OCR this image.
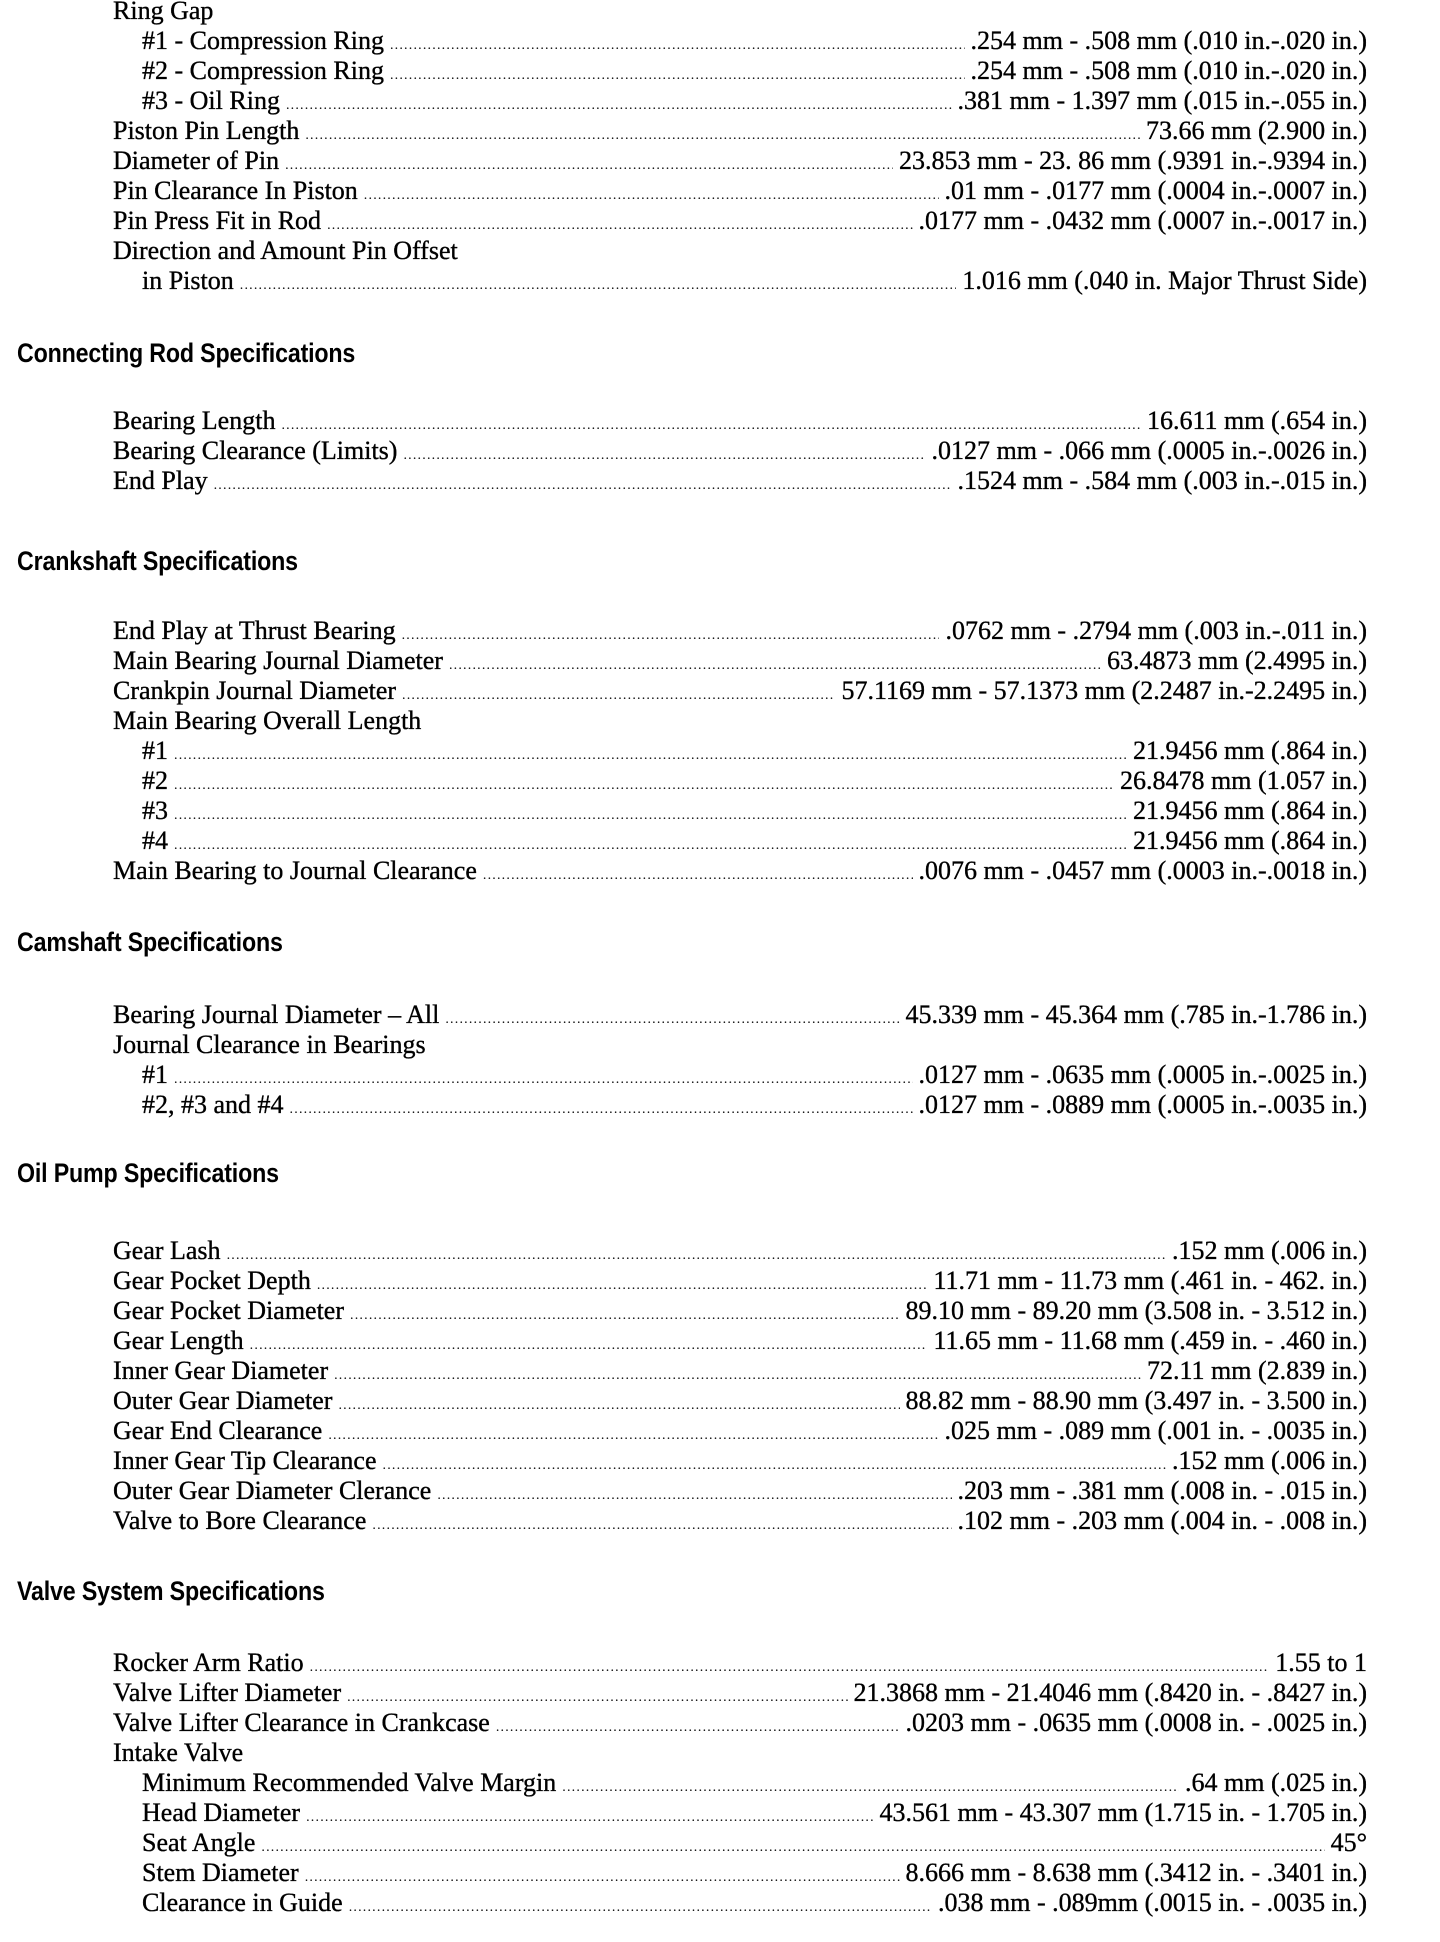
Ring Gap
#1 - Compression Ring .....	.254 mm - .508 mm (.010 in.-.020 in.)
#2 - Compression Ring .....	.254 mm - .508 mm (.010 in.-.020 in.)
#3 - Oil Ring .....	.381 mm - 1.397 mm (.015 in.-.055 in.)
Piston Pin Length .....	73.66 mm (2.900 in.)
Diameter of Pin .....	23.853 mm - 23. 86 mm (.9391 in.-.9394 in.)
Pin Clearance In Piston .....	.01 mm - .0177 mm (.0004 in.-.0007 in.)
Pin Press Fit in Rod .....	.0177 mm - .0432 mm (.0007 in.-.0017 in.)
Direction and Amount Pin Offset
in Piston .....	1.016 mm (.040 in. Major Thrust Side)
Connecting Rod Specifications
Bearing Length .....	16.611 mm (.654 in.)
Bearing Clearance (Limits) .....	.0127 mm - .066 mm (.0005 in.-.0026 in.)
End Play .....	.1524 mm - .584 mm (.003 in.-.015 in.)
Crankshaft Specifications
End Play at Thrust Bearing .....	.0762 mm - .2794 mm (.003 in.-.011 in.)
Main Bearing Journal Diameter .....	63.4873 mm (2.4995 in.)
Crankpin Journal Diameter .....	57.1169 mm - 57.1373 mm (2.2487 in.-2.2495 in.)
Main Bearing Overall Length
#1 .....	21.9456 mm (.864 in.)
#2 .....	26.8478 mm (1.057 in.)
#3 .....	21.9456 mm (.864 in.)
#4 .....	21.9456 mm (.864 in.)
Main Bearing to Journal Clearance .....	.0076 mm - .0457 mm (.0003 in.-.0018 in.)
Camshaft Specifications
Bearing Journal Diameter – All .....	45.339 mm - 45.364 mm (.785 in.-1.786 in.)
Journal Clearance in Bearings
#1 .....	.0127 mm - .0635 mm (.0005 in.-.0025 in.)
#2, #3 and #4 .....	.0127 mm - .0889 mm (.0005 in.-.0035 in.)
Oil Pump Specifications
Gear Lash .....	.152 mm (.006 in.)
Gear Pocket Depth .....	11.71 mm - 11.73 mm (.461 in. - 462. in.)
Gear Pocket Diameter .....	89.10 mm - 89.20 mm (3.508 in. - 3.512 in.)
Gear Length .....	11.65 mm - 11.68 mm (.459 in. - .460 in.)
Inner Gear Diameter .....	72.11 mm (2.839 in.)
Outer Gear Diameter .....	88.82 mm - 88.90 mm (3.497 in. - 3.500 in.)
Gear End Clearance .....	.025 mm - .089 mm (.001 in. - .0035 in.)
Inner Gear Tip Clearance .....	.152 mm (.006 in.)
Outer Gear Diameter Clerance .....	.203 mm - .381 mm (.008 in. - .015 in.)
Valve to Bore Clearance .....	.102 mm - .203 mm (.004 in. - .008 in.)
Valve System Specifications
Rocker Arm Ratio .....	1.55 to 1
Valve Lifter Diameter .....	21.3868 mm - 21.4046 mm (.8420 in. - .8427 in.)
Valve Lifter Clearance in Crankcase .....	.0203 mm - .0635 mm (.0008 in. - .0025 in.)
Intake Valve
Minimum Recommended Valve Margin .....	.64 mm (.025 in.)
Head Diameter .....	43.561 mm - 43.307 mm (1.715 in. - 1.705 in.)
Seat Angle .....	45°
Stem Diameter .....	8.666 mm - 8.638 mm (.3412 in. - .3401 in.)
Clearance in Guide .....	.038 mm - .089mm (.0015 in. - .0035 in.)
